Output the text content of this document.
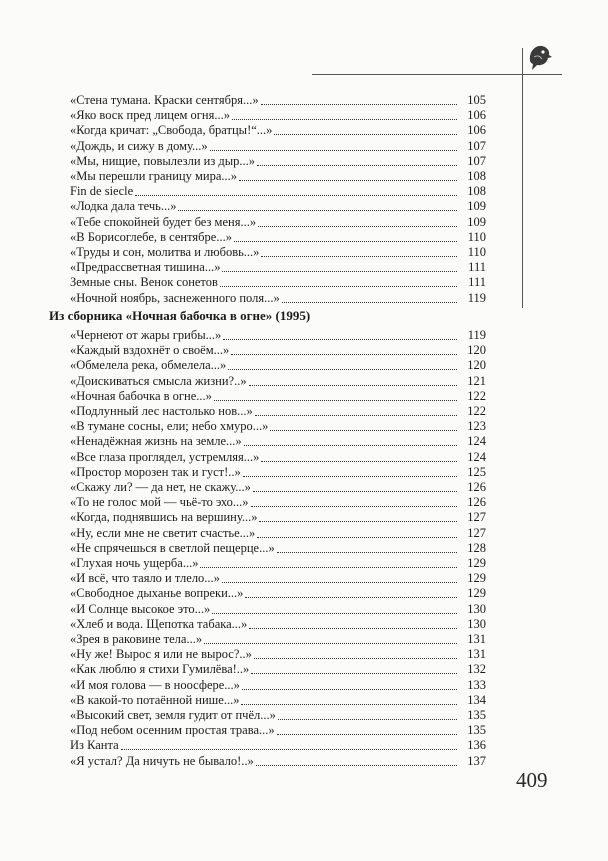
«Стена тумана. Краски сентября...»	105
«Яко воск пред лицем огня...»	106
«Когда кричат: „Свобода, братцы!“...»	106
«Дождь, и сижу в дому...»	107
«Мы, нищие, повылезли из дыр...»	107
«Мы перешли границу мира...»	108
Fin de siecle	108
«Лодка дала течь...»	109
«Тебе спокойней будет без меня...»	109
«В Борисоглебе, в сентябре...»	110
«Труды и сон, молитва и любовь...»	110
«Предрассветная тишина...»	111
Земные сны. Венок сонетов	111
«Ночной ноябрь, заснеженного поля...»	119
«Чернеют от жары грибы...»	119
«Каждый вздохнёт о своём...»	120
«Обмелела река, обмелела...»	120
«Доискиваться смысла жизни?..»	121
«Ночная бабочка в огне...»	122
«Подлунный лес настолько нов...»	122
«В тумане сосны, ели; небо хмуро...»	123
«Ненадёжная жизнь на земле...»	124
«Все глаза проглядел, устремляя...»	124
«Простор морозен так и густ!..»	125
«Скажу ли? — да нет, не скажу...»	126
«То не голос мой — чьё-то эхо...»	126
«Когда, поднявшись на вершину...»	127
«Ну, если мне не светит счастье...»	127
«Не спрячешься в светлой пещерце...»	128
«Глухая ночь ущерба...»	129
«И всё, что таяло и тлело...»	129
«Свободное дыханье вопреки...»	129
«И Солнце высокое это...»	130
«Хлеб и вода. Щепотка табака...»	130
«Зрея в раковине тела...»	131
«Ну же! Вырос я или не вырос?..»	131
«Как люблю я стихи Гумилёва!..»	132
«И моя голова — в ноосфере...»	133
«В какой-то потаённой нише...»	134
«Высокий свет, земля гудит от пчёл...»	135
«Под небом осенним простая трава...»	135
Из Канта	136
«Я устал? Да ничуть не бывало!..»	137
Из сборника «Ночная бабочка в огне» (1995)
409
